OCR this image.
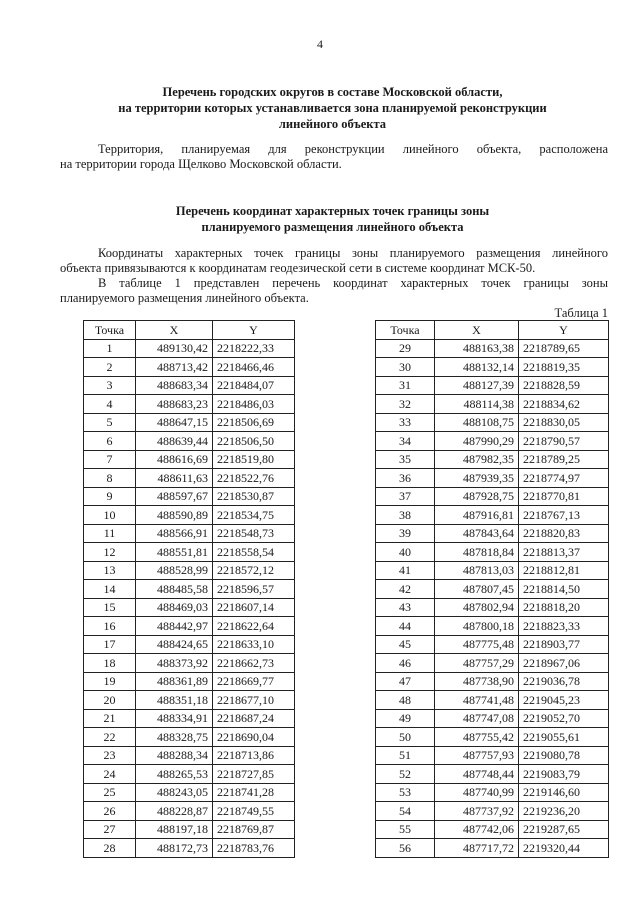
4
Перечень городских округов в составе Московской области,
на территории которых устанавливается зона планируемой реконструкции
линейного объекта
Территория, планируемая для реконструкции линейного объекта, расположена
на территории города Щелково Московской области.
Перечень координат характерных точек границы зоны
планируемого размещения линейного объекта
Координаты характерных точек границы зоны планируемого размещения линейного
объекта привязываются к координатам геодезической сети в системе координат МСК-50.
В таблице 1 представлен перечень координат характерных точек границы зоны
планируемого размещения линейного объекта.
Таблица 1
Точка	X	Y
1	489130,42	2218222,33
2	488713,42	2218466,46
3	488683,34	2218484,07
4	488683,23	2218486,03
5	488647,15	2218506,69
6	488639,44	2218506,50
7	488616,69	2218519,80
8	488611,63	2218522,76
9	488597,67	2218530,87
10	488590,89	2218534,75
11	488566,91	2218548,73
12	488551,81	2218558,54
13	488528,99	2218572,12
14	488485,58	2218596,57
15	488469,03	2218607,14
16	488442,97	2218622,64
17	488424,65	2218633,10
18	488373,92	2218662,73
19	488361,89	2218669,77
20	488351,18	2218677,10
21	488334,91	2218687,24
22	488328,75	2218690,04
23	488288,34	2218713,86
24	488265,53	2218727,85
25	488243,05	2218741,28
26	488228,87	2218749,55
27	488197,18	2218769,87
28	488172,73	2218783,76
Точка	X	Y
29	488163,38	2218789,65
30	488132,14	2218819,35
31	488127,39	2218828,59
32	488114,38	2218834,62
33	488108,75	2218830,05
34	487990,29	2218790,57
35	487982,35	2218789,25
36	487939,35	2218774,97
37	487928,75	2218770,81
38	487916,81	2218767,13
39	487843,64	2218820,83
40	487818,84	2218813,37
41	487813,03	2218812,81
42	487807,45	2218814,50
43	487802,94	2218818,20
44	487800,18	2218823,33
45	487775,48	2218903,77
46	487757,29	2218967,06
47	487738,90	2219036,78
48	487741,48	2219045,23
49	487747,08	2219052,70
50	487755,42	2219055,61
51	487757,93	2219080,78
52	487748,44	2219083,79
53	487740,99	2219146,60
54	487737,92	2219236,20
55	487742,06	2219287,65
56	487717,72	2219320,44
